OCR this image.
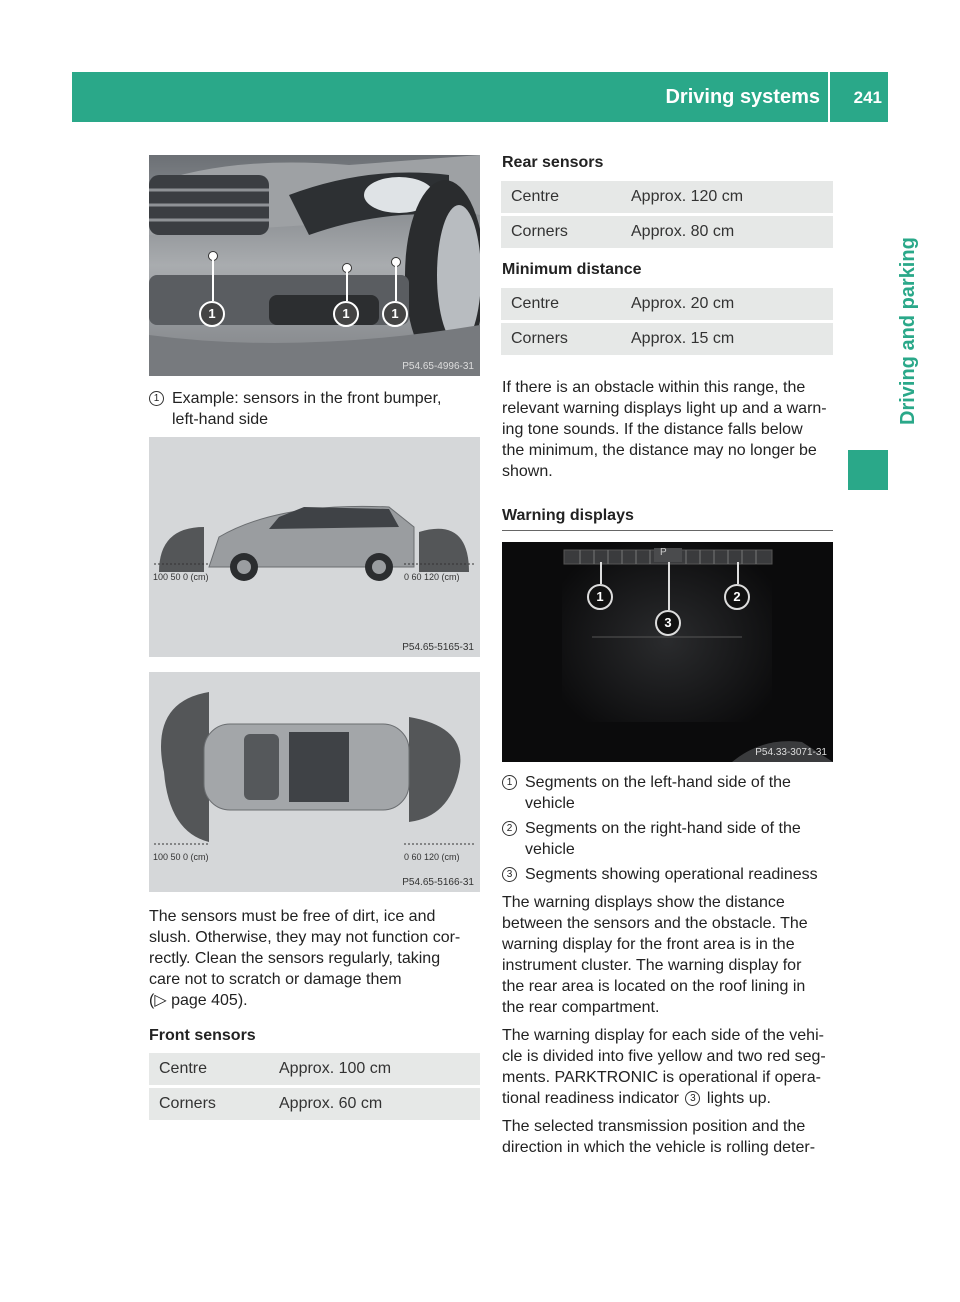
Driving systems 241
Driving and parking
1	1	1
P54.65-4996-31
1 Example: sensors in the front bumper,
left-hand side
100 50 0 (cm)	0 60 120 (cm)
P54.65-5165-31
100 50 0 (cm)	0 60 120 (cm)
P54.65-5166-31
The sensors must be free of dirt, ice and
slush. Otherwise, they may not function cor-
rectly. Clean the sensors regularly, taking
care not to scratch or damage them
(▷ page 405).
Front sensors
Centre	Approx. 100 cm
Corners	Approx. 60 cm
Rear sensors
Centre	Approx. 120 cm
Corners	Approx. 80 cm
Minimum distance
Centre	Approx. 20 cm
Corners	Approx. 15 cm
If there is an obstacle within this range, the
relevant warning displays light up and a warn-
ing tone sounds. If the distance falls below
the minimum, the distance may no longer be
shown.
Warning displays
P
1
3
2
P54.33-3071-31
1 Segments on the left-hand side of the
vehicle
2 Segments on the right-hand side of the
vehicle
3 Segments showing operational readiness
The warning displays show the distance
between the sensors and the obstacle. The
warning display for the front area is in the
instrument cluster. The warning display for
the rear area is located on the roof lining in
the rear compartment.
The warning display for each side of the vehi-
cle is divided into five yellow and two red seg-
ments. PARKTRONIC is operational if opera-
tional readiness indicator 3 lights up.
The selected transmission position and the
direction in which the vehicle is rolling deter-
